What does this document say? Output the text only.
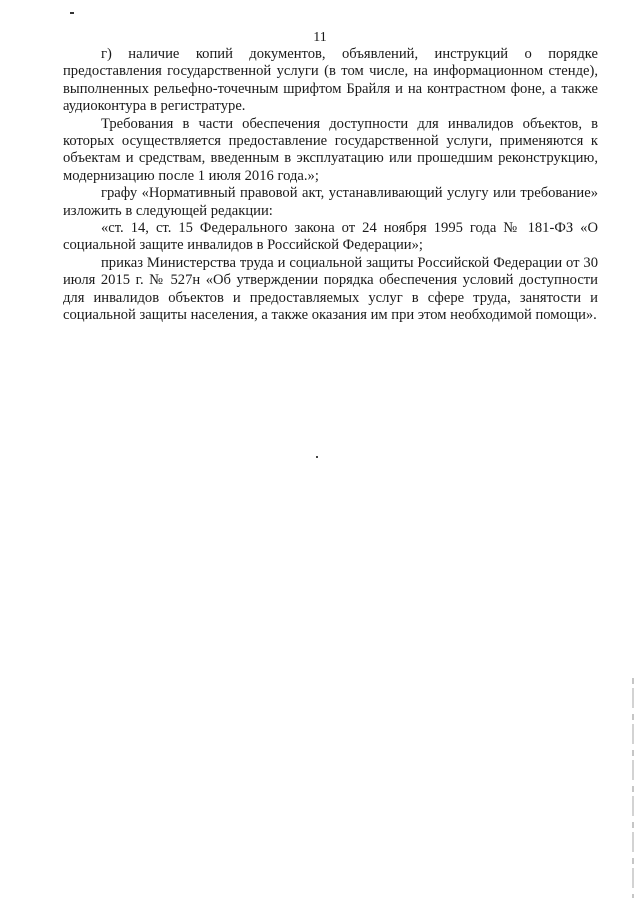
11

г) наличие копий документов, объявлений, инструкций о порядке предоставления государственной услуги (в том числе, на информационном стенде), выполненных рельефно-точечным шрифтом Брайля и на контрастном фоне, а также аудиоконтура в регистратуре.

Требования в части обеспечения доступности для инвалидов объектов, в которых осуществляется предоставление государственной услуги, применяются к объектам и средствам, введенным в эксплуатацию или прошедшим реконструкцию, модернизацию после 1 июля 2016 года.»;

графу «Нормативный правовой акт, устанавливающий услугу или требование» изложить в следующей редакции:

«ст. 14, ст. 15 Федерального закона от 24 ноября 1995 года № 181-ФЗ «О социальной защите инвалидов в Российской Федерации»;

приказ Министерства труда и социальной защиты Российской Федерации от 30 июля 2015 г. № 527н «Об утверждении порядка обеспечения условий доступности для инвалидов объектов и предоставляемых услуг в сфере труда, занятости и социальной защиты населения, а также оказания им при этом необходимой помощи».
